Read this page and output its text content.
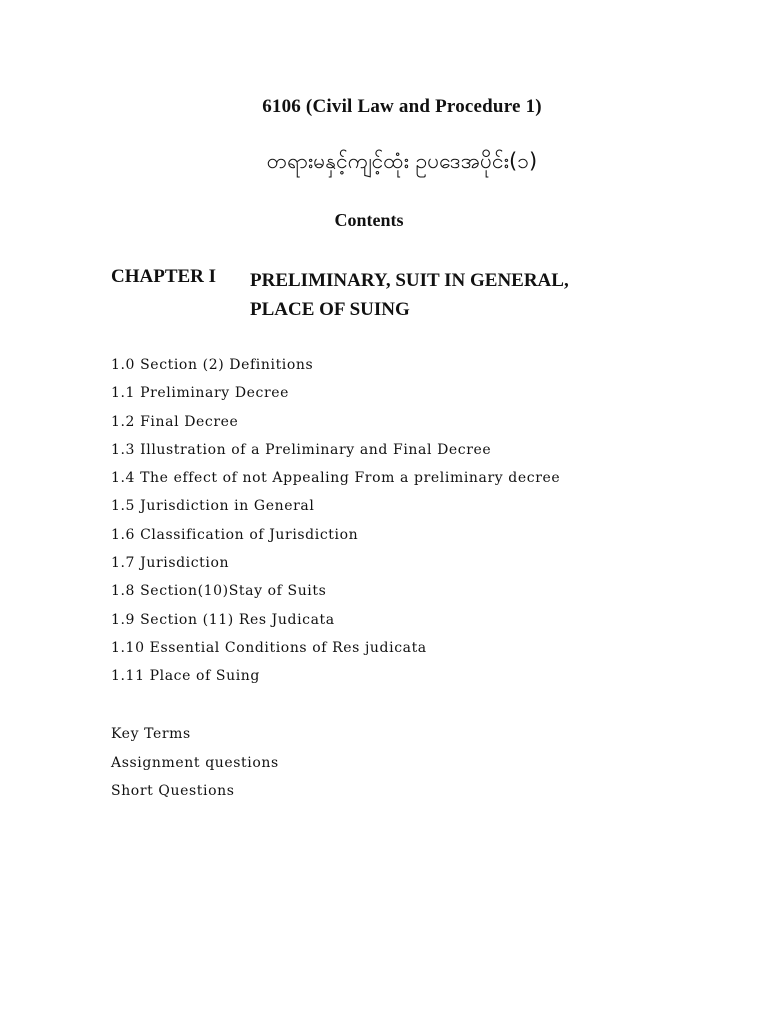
6106 (Civil Law and Procedure 1)
တရားမနှင့်ကျင့်ထုံး ဥပဒေအပိုင်း(၁)
Contents
CHAPTER I PRELIMINARY, SUIT IN GENERAL,
PLACE OF SUING
1.0 Section (2) Definitions
1.1 Preliminary Decree
1.2 Final Decree
1.3 Illustration of a Preliminary and Final Decree
1.4 The effect of not Appealing From a preliminary decree
1.5 Jurisdiction in General
1.6 Classification of Jurisdiction
1.7 Jurisdiction
1.8 Section(10)Stay of Suits
1.9 Section (11) Res Judicata
1.10 Essential Conditions of Res judicata
1.11 Place of Suing
Key Terms
Assignment questions
Short Questions
